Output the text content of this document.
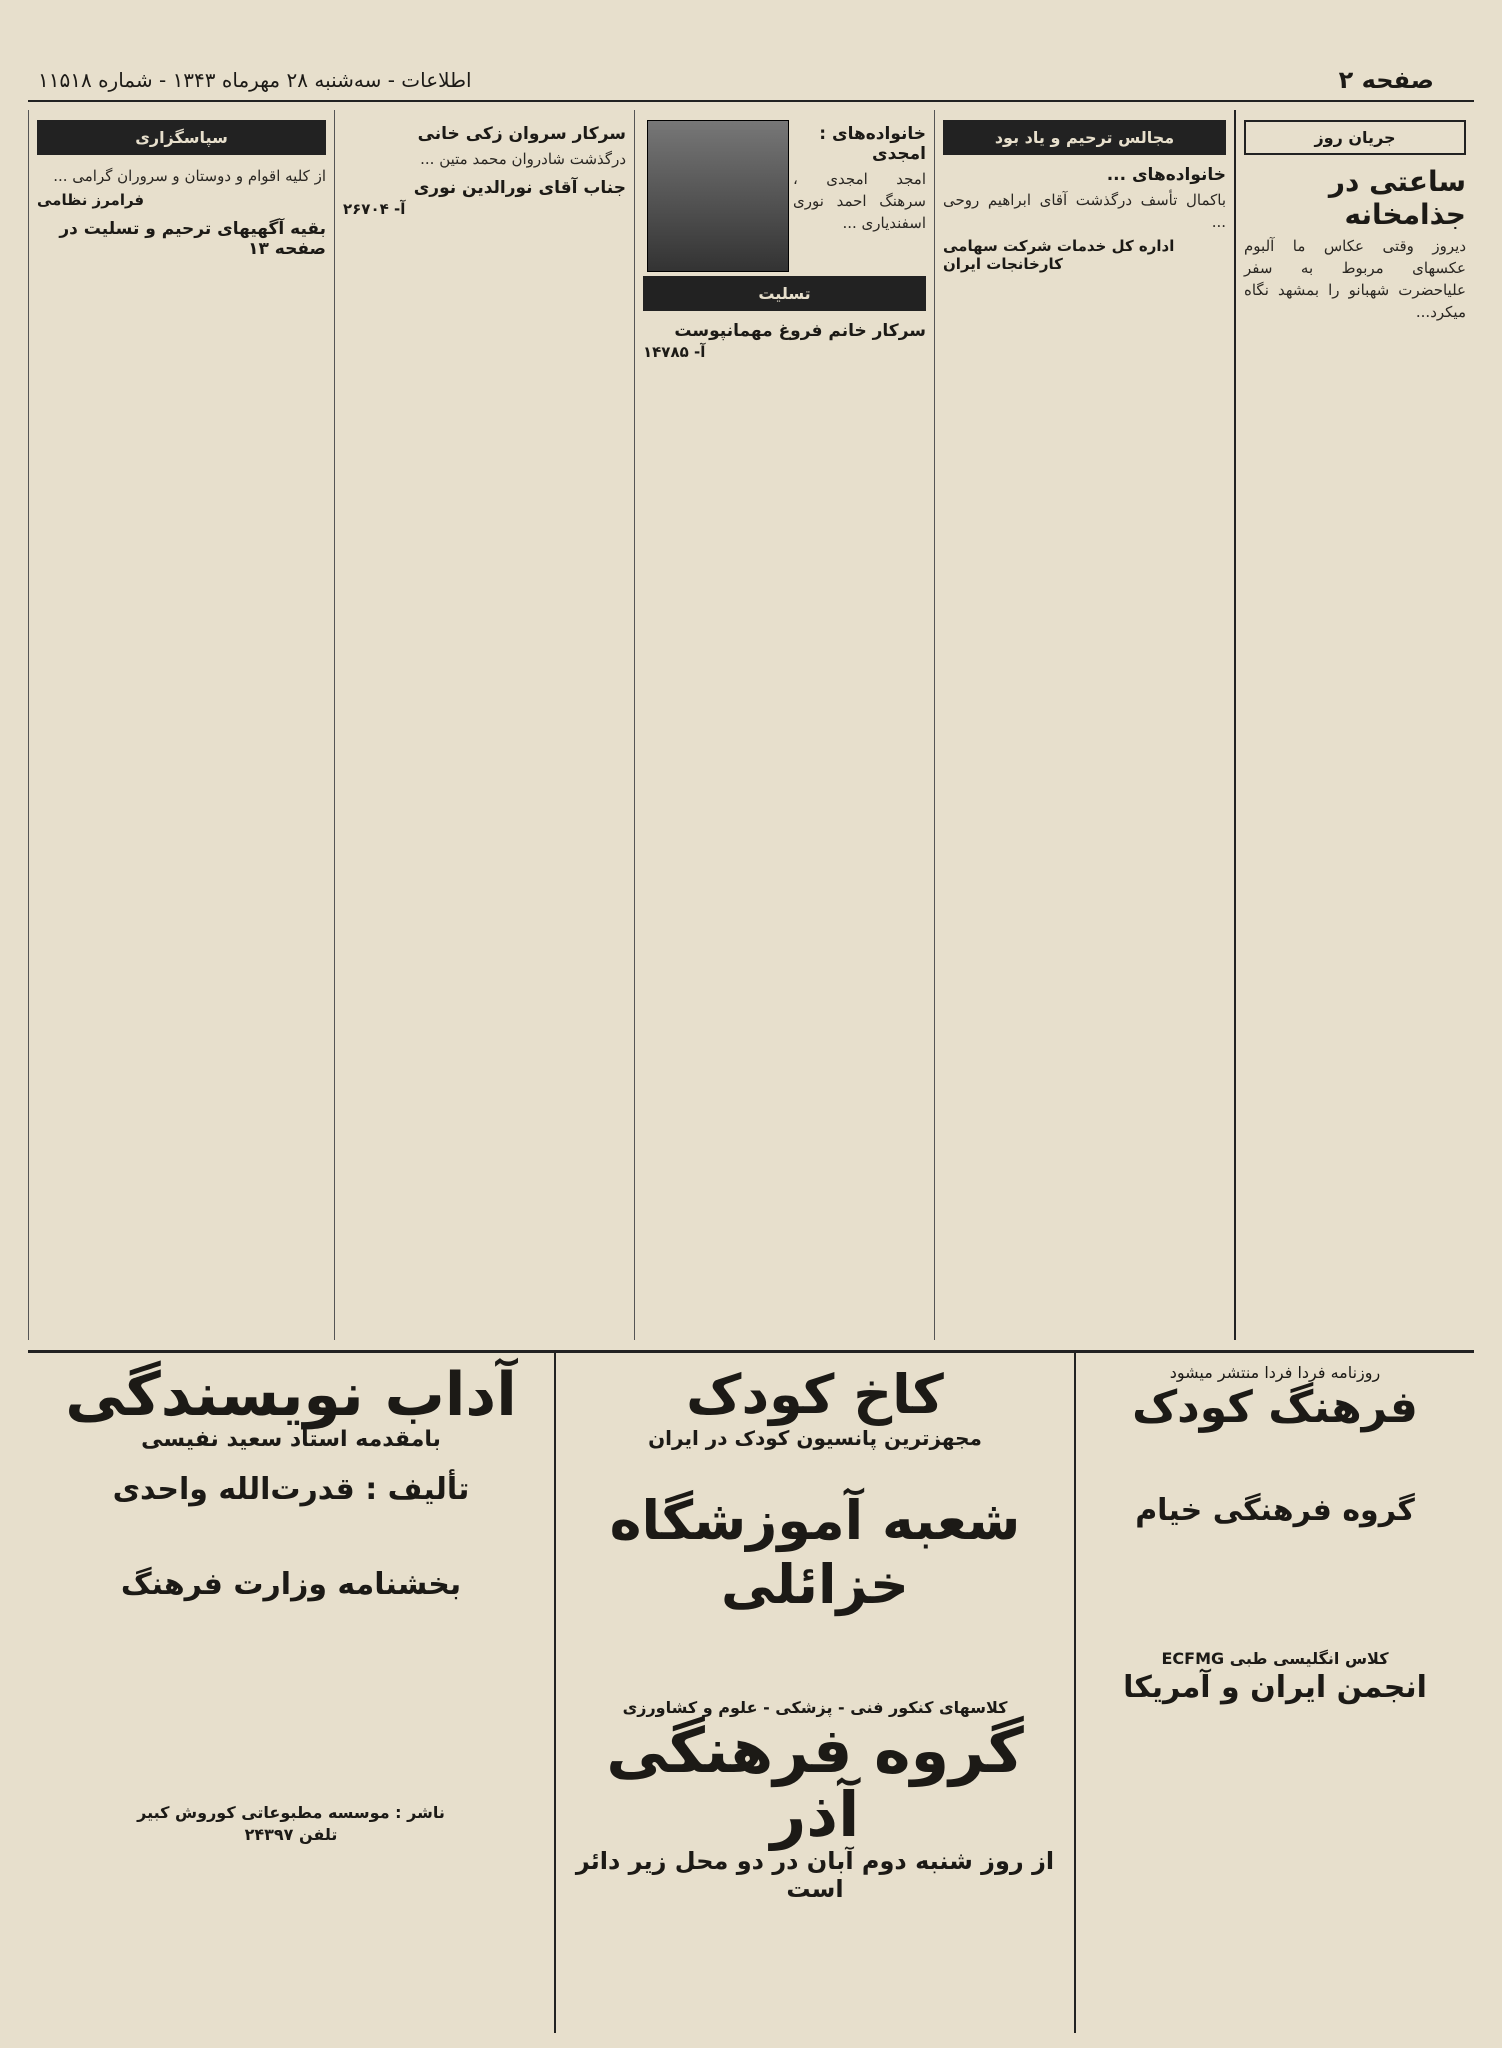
صفحه ۲
اطلاعات - سه‌شنبه ۲۸ مهرماه ۱۳۴۳ - شماره ۱۱۵۱۸
جریان روز
ساعتی در جذامخانه

دیروز وقتی عکاس ما آلبوم عکسهای مربوط به سفر علیاحضرت شهبانو را بمشهد نگاه میکرد...

مجالس ترحیم و یاد بود
خانواده‌های ...

باکمال تأسف درگذشت آقای ابراهیم روحی ...

اداره کل خدمات شرکت سهامی کارخانجات ایران
خانواده‌های : امجدی

امجد امجدی ، سرهنگ احمد نوری اسفندیاری ...

تسلیت
سرکار خانم فروغ مهمانپوست
آ- ۱۴۷۸۵
سرکار سروان زکی خانی

درگذشت شادروان محمد متین ...

جناب آقای نورالدین نوری
آ- ۲۶۷۰۴
سپاسگزاری

از کلیه اقوام و دوستان و سروران گرامی ...

فرامرز نظامی
بقیه آگهیهای ترحیم و تسلیت در صفحه ۱۳
روزنامه فردا فردا منتشر میشود
فرهنگ کودک
گروه فرهنگی خیام
کلاس انگلیسی طبی ECFMG
انجمن ایران و آمریکا
کاخ کودک
مجهزترین پانسیون کودک در ایران
شعبه آموزشگاه خزائلی
کلاسهای کنکور فنی - پزشکی - علوم و کشاورزی
گروه فرهنگی آذر
از روز شنبه دوم آبان در دو محل زیر دائر است
آداب نویسندگی
بامقدمه استاد سعید نفیسی
تألیف : قدرت‌الله واحدی
بخشنامه وزارت فرهنگ
ناشر : موسسه مطبوعاتی کوروش کبیر
تلفن ۲۴۳۹۷
